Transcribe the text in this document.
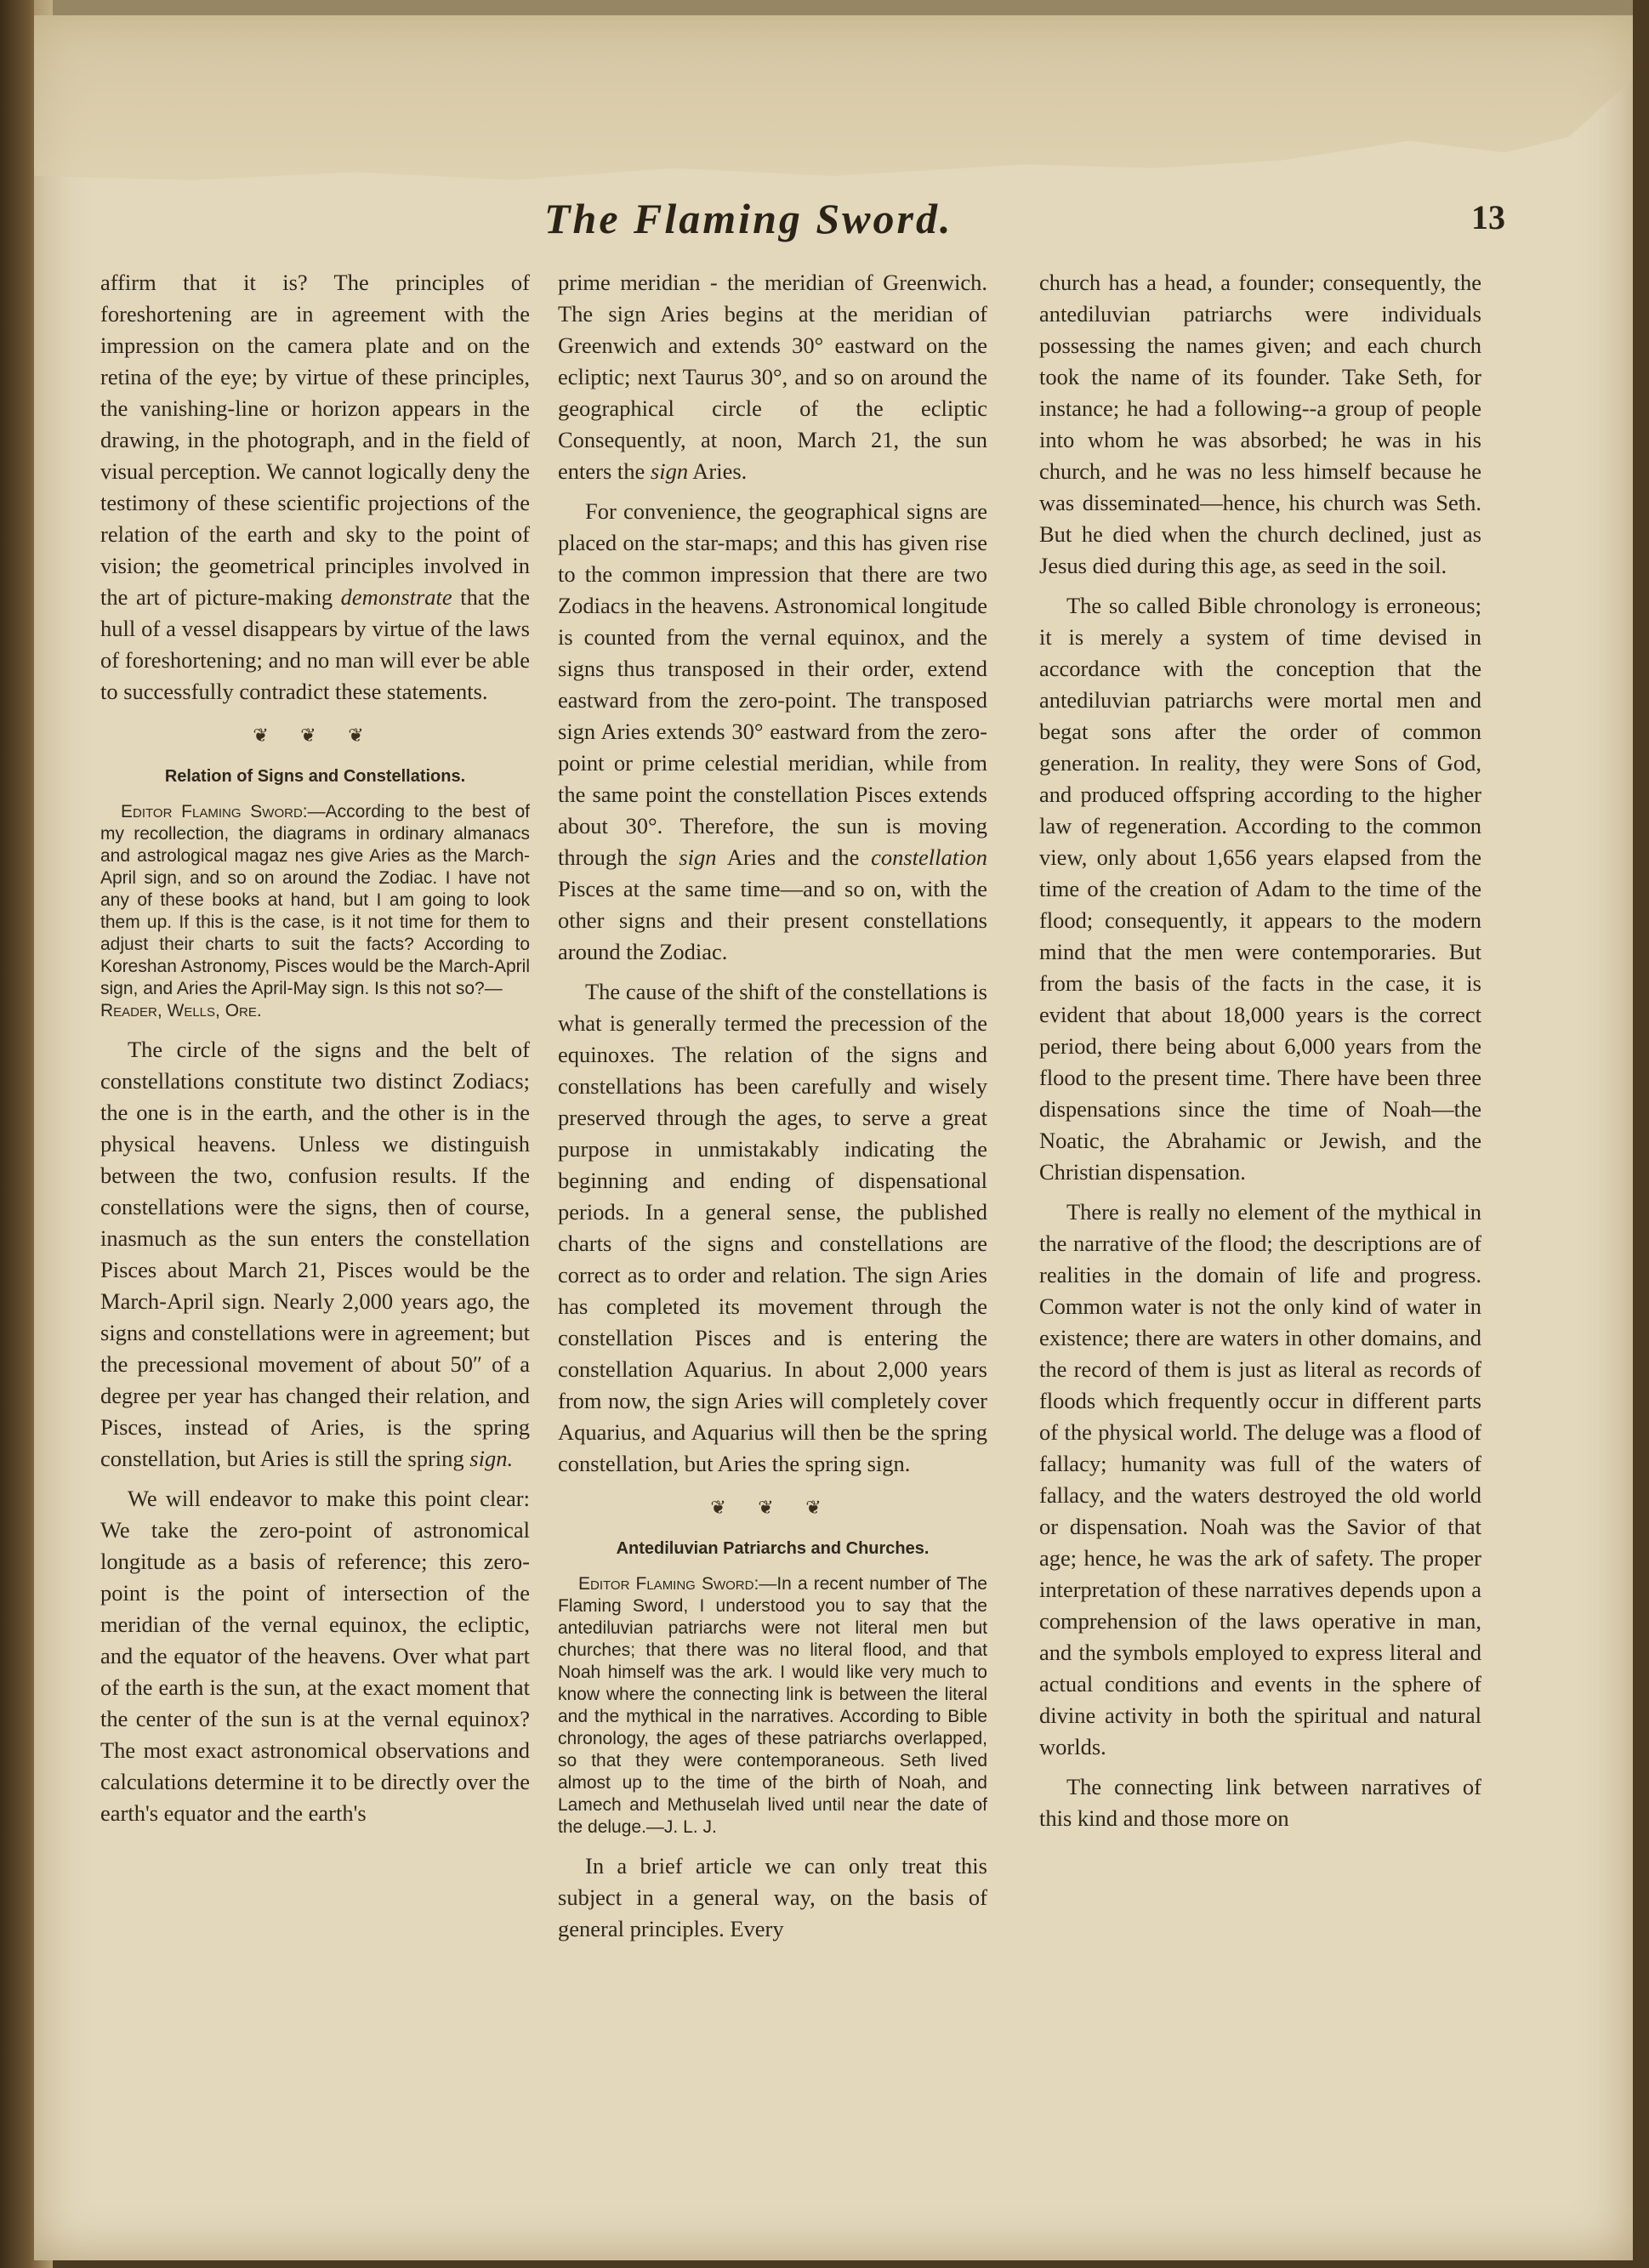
The Flaming Sword.	13

affirm that it is? The principles of foreshortening are in agreement with the impression on the camera plate and on the retina of the eye; by virtue of these principles, the vanishing-line or horizon appears in the drawing, in the photograph, and in the field of visual perception. We cannot logically deny the testimony of these scientific projections of the relation of the earth and sky to the point of vision; the geometrical principles involved in the art of picture-making demonstrate that the hull of a vessel disappears by virtue of the laws of foreshortening; and no man will ever be able to successfully contradict these statements.

❦ ❦ ❦
Relation of Signs and Constellations.

Editor Flaming Sword:—According to the best of my recollection, the diagrams in ordinary almanacs and astrological magaz nes give Aries as the March-April sign, and so on around the Zodiac. I have not any of these books at hand, but I am going to look them up. If this is the case, is it not time for them to adjust their charts to suit the facts? According to Koreshan Astronomy, Pisces would be the March-April sign, and Aries the April-May sign. Is this not so?—
Reader, Wells, Ore.

The circle of the signs and the belt of constellations constitute two distinct Zodiacs; the one is in the earth, and the other is in the physical heavens. Unless we distinguish between the two, confusion results. If the constellations were the signs, then of course, inasmuch as the sun enters the constellation Pisces about March 21, Pisces would be the March-April sign. Nearly 2,000 years ago, the signs and constellations were in agreement; but the precessional movement of about 50″ of a degree per year has changed their relation, and Pisces, instead of Aries, is the spring constellation, but Aries is still the spring sign.

We will endeavor to make this point clear: We take the zero-point of astronomical longitude as a basis of reference; this zero-point is the point of intersection of the meridian of the vernal equinox, the ecliptic, and the equator of the heavens. Over what part of the earth is the sun, at the exact moment that the center of the sun is at the vernal equinox? The most exact astronomical observations and calculations determine it to be directly over the earth's equator and the earth's

prime meridian - the meridian of Greenwich. The sign Aries begins at the meridian of Greenwich and extends 30° eastward on the ecliptic; next Taurus 30°, and so on around the geographical circle of the ecliptic Consequently, at noon, March 21, the sun enters the sign Aries.

For convenience, the geographical signs are placed on the star-maps; and this has given rise to the common impression that there are two Zodiacs in the heavens. Astronomical longitude is counted from the vernal equinox, and the signs thus transposed in their order, extend eastward from the zero-point. The transposed sign Aries extends 30° eastward from the zero-point or prime celestial meridian, while from the same point the constellation Pisces extends about 30°. Therefore, the sun is moving through the sign Aries and the constellation Pisces at the same time—and so on, with the other signs and their present constellations around the Zodiac.

The cause of the shift of the constellations is what is generally termed the precession of the equinoxes. The relation of the signs and constellations has been carefully and wisely preserved through the ages, to serve a great purpose in unmistakably indicating the beginning and ending of dispensational periods. In a general sense, the published charts of the signs and constellations are correct as to order and relation. The sign Aries has completed its movement through the constellation Pisces and is entering the constellation Aquarius. In about 2,000 years from now, the sign Aries will completely cover Aquarius, and Aquarius will then be the spring constellation, but Aries the spring sign.

❦ ❦ ❦
Antediluvian Patriarchs and Churches.

Editor Flaming Sword:—In a recent number of The Flaming Sword, I understood you to say that the antediluvian patriarchs were not literal men but churches; that there was no literal flood, and that Noah himself was the ark. I would like very much to know where the connecting link is between the literal and the mythical in the narratives. According to Bible chronology, the ages of these patriarchs overlapped, so that they were contemporaneous. Seth lived almost up to the time of the birth of Noah, and Lamech and Methuselah lived until near the date of the deluge.—J. L. J.

In a brief article we can only treat this subject in a general way, on the basis of general principles. Every

church has a head, a founder; consequently, the antediluvian patriarchs were individuals possessing the names given; and each church took the name of its founder. Take Seth, for instance; he had a following--a group of people into whom he was absorbed; he was in his church, and he was no less himself because he was disseminated—hence, his church was Seth. But he died when the church declined, just as Jesus died during this age, as seed in the soil.

The so called Bible chronology is erroneous; it is merely a system of time devised in accordance with the conception that the antediluvian patriarchs were mortal men and begat sons after the order of common generation. In reality, they were Sons of God, and produced offspring according to the higher law of regeneration. According to the common view, only about 1,656 years elapsed from the time of the creation of Adam to the time of the flood; consequently, it appears to the modern mind that the men were contemporaries. But from the basis of the facts in the case, it is evident that about 18,000 years is the correct period, there being about 6,000 years from the flood to the present time. There have been three dispensations since the time of Noah—the Noatic, the Abrahamic or Jewish, and the Christian dispensation.

There is really no element of the mythical in the narrative of the flood; the descriptions are of realities in the domain of life and progress. Common water is not the only kind of water in existence; there are waters in other domains, and the record of them is just as literal as records of floods which frequently occur in different parts of the physical world. The deluge was a flood of fallacy; humanity was full of the waters of fallacy, and the waters destroyed the old world or dispensation. Noah was the Savior of that age; hence, he was the ark of safety. The proper interpretation of these narratives depends upon a comprehension of the laws operative in man, and the symbols employed to express literal and actual conditions and events in the sphere of divine activity in both the spiritual and natural worlds.

The connecting link between narratives of this kind and those more on
